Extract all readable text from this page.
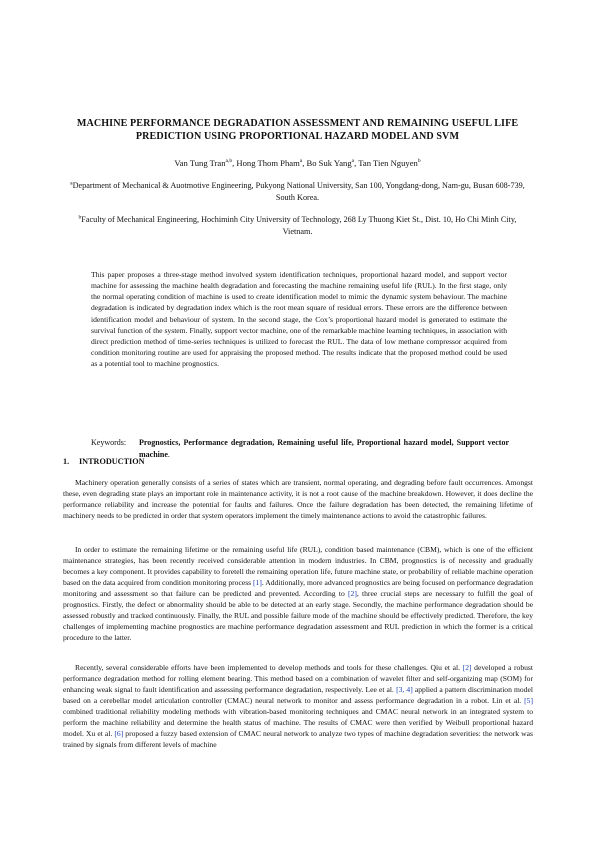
MACHINE PERFORMANCE DEGRADATION ASSESSMENT AND REMAINING USEFUL LIFE PREDICTION USING PROPORTIONAL HAZARD MODEL AND SVM
Van Tung Tran$^{a,b}$, Hong Thom Pham$^a$, Bo Suk Yang$^a$, Tan Tien Nguyen$^b$
$^a$Department of Mechanical & Auotmotive Engineering, Pukyong National University, San 100, Yongdang-dong, Nam-gu, Busan 608-739, South Korea.
$^b$Faculty of Mechanical Engineering, Hochiminh City University of Technology, 268 Ly Thuong Kiet St., Dist. 10, Ho Chi Minh City, Vietnam.
This paper proposes a three-stage method involved system identification techniques, proportional hazard model, and support vector machine for assessing the machine health degradation and forecasting the machine remaining useful life (RUL). In the first stage, only the normal operating condition of machine is used to create identification model to mimic the dynamic system behaviour. The machine degradation is indicated by degradation index which is the root mean square of residual errors. These errors are the difference between identification model and behaviour of system. In the second stage, the Cox’s proportional hazard model is generated to estimate the survival function of the system. Finally, support vector machine, one of the remarkable machine learning techniques, in association with direct prediction method of time-series techniques is utilized to forecast the RUL. The data of low methane compressor acquired from condition monitoring routine are used for appraising the proposed method. The results indicate that the proposed method could be used as a potential tool to machine prognostics.
Keywords: Prognostics, Performance degradation, Remaining useful life, Proportional hazard model, Support vector machine.
1. INTRODUCTION

Machinery operation generally consists of a series of states which are transient, normal operating, and degrading before fault occurrences. Amongst these, even degrading state plays an important role in maintenance activity, it is not a root cause of the machine breakdown. However, it does decline the performance reliability and increase the potential for faults and failures. Once the failure degradation has been detected, the remaining lifetime of machinery needs to be predicted in order that system operators implement the timely maintenance actions to avoid the catastrophic failures.

In order to estimate the remaining lifetime or the remaining useful life (RUL), condition based maintenance (CBM), which is one of the efficient maintenance strategies, has been recently received considerable attention in modern industries. In CBM, prognostics is of necessity and gradually becomes a key component. It provides capability to foretell the remaining operation life, future machine state, or probability of reliable machine operation based on the data acquired from condition monitoring process [1]. Additionally, more advanced prognostics are being focused on performance degradation monitoring and assessment so that failure can be predicted and prevented. According to [2], three crucial steps are necessary to fulfill the goal of prognostics. Firstly, the defect or abnormality should be able to be detected at an early stage. Secondly, the machine performance degradation should be assessed robustly and tracked continuously. Finally, the RUL and possible failure mode of the machine should be effectively predicted. Therefore, the key challenges of implementing machine prognostics are machine performance degradation assessment and RUL prediction in which the former is a critical procedure to the latter.

Recently, several considerable efforts have been implemented to develop methods and tools for these challenges. Qiu et al. [2] developed a robust performance degradation method for rolling element bearing. This method based on a combination of wavelet filter and self-organizing map (SOM) for enhancing weak signal to fault identification and assessing performance degradation, respectively. Lee et al. [3, 4] applied a pattern discrimination model based on a cerebellar model articulation controller (CMAC) neural network to monitor and assess performance degradation in a robot. Lin et al. [5] combined traditional reliability modeling methods with vibration-based monitoring techniques and CMAC neural network in an integrated system to perform the machine reliability and determine the health status of machine. The results of CMAC were then verified by Weibull proportional hazard model. Xu et al. [6] proposed a fuzzy based extension of CMAC neural network to analyze two types of machine degradation severities: the network was trained by signals from different levels of machine
